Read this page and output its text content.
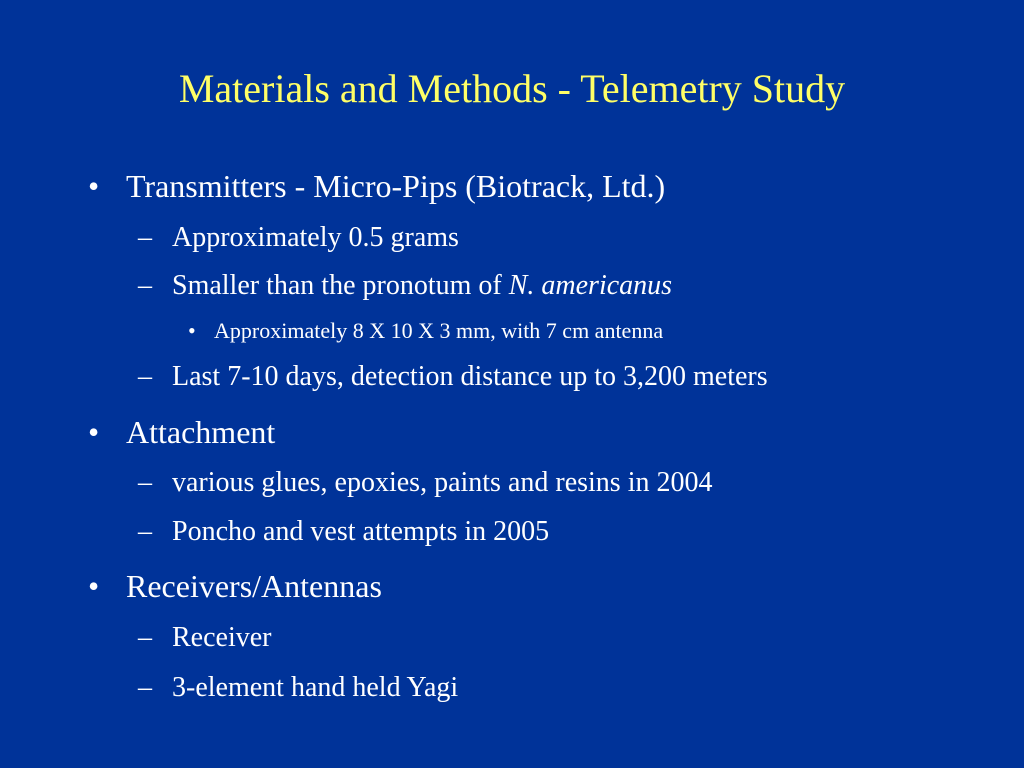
Materials and Methods - Telemetry Study
• Transmitters - Micro-Pips (Biotrack, Ltd.)
– Approximately 0.5 grams
– Smaller than the pronotum of N. americanus
• Approximately 8 X 10 X 3 mm, with 7 cm antenna
– Last 7-10 days, detection distance up to 3,200 meters
• Attachment
– various glues, epoxies, paints and resins in 2004
– Poncho and vest attempts in 2005
• Receivers/Antennas
– Receiver
– 3-element hand held Yagi
